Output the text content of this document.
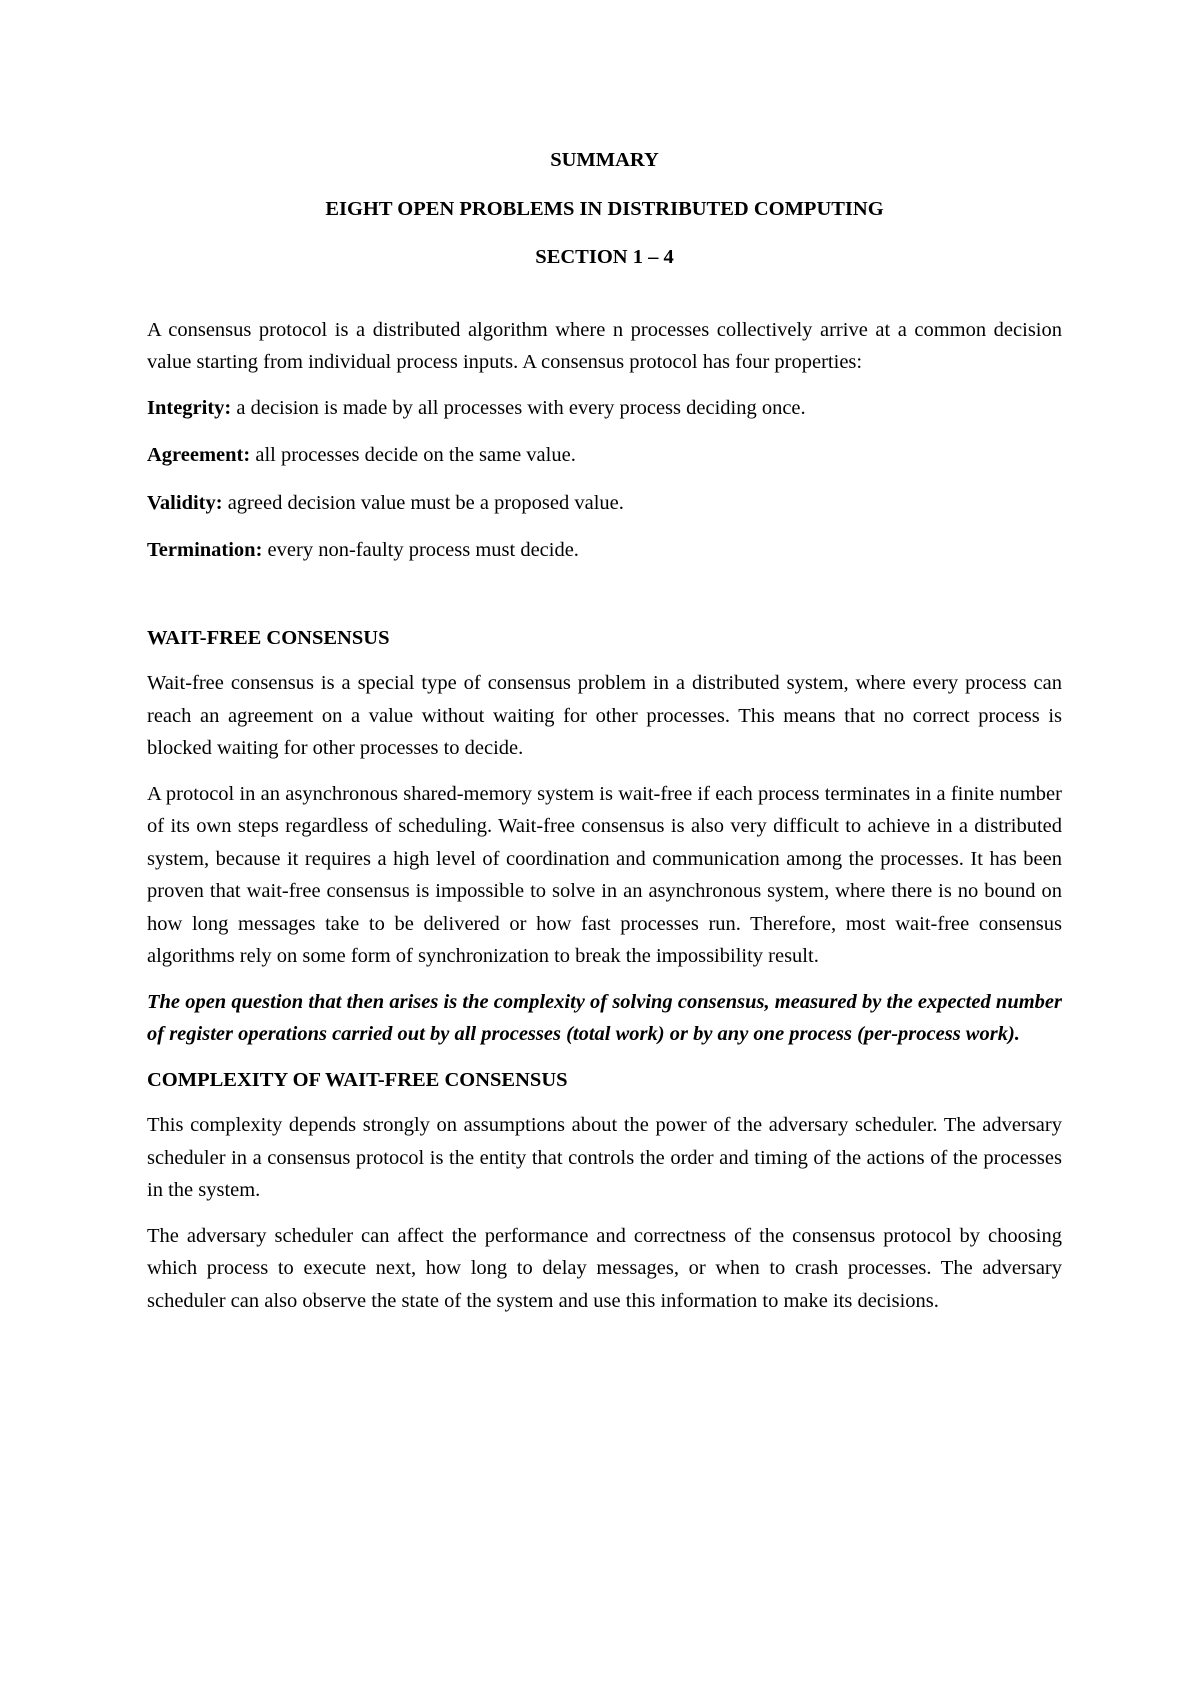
SUMMARY

EIGHT OPEN PROBLEMS IN DISTRIBUTED COMPUTING

SECTION 1 – 4

A consensus protocol is a distributed algorithm where n processes collectively arrive at a common decision value starting from individual process inputs. A consensus protocol has four properties:

Integrity: a decision is made by all processes with every process deciding once.

Agreement: all processes decide on the same value.

Validity: agreed decision value must be a proposed value.

Termination: every non-faulty process must decide.

WAIT-FREE CONSENSUS

Wait-free consensus is a special type of consensus problem in a distributed system, where every process can reach an agreement on a value without waiting for other processes. This means that no correct process is blocked waiting for other processes to decide.

A protocol in an asynchronous shared-memory system is wait-free if each process terminates in a finite number of its own steps regardless of scheduling. Wait-free consensus is also very difficult to achieve in a distributed system, because it requires a high level of coordination and communication among the processes. It has been proven that wait-free consensus is impossible to solve in an asynchronous system, where there is no bound on how long messages take to be delivered or how fast processes run. Therefore, most wait-free consensus algorithms rely on some form of synchronization to break the impossibility result.

The open question that then arises is the complexity of solving consensus, measured by the expected number of register operations carried out by all processes (total work) or by any one process (per-process work).

COMPLEXITY OF WAIT-FREE CONSENSUS

This complexity depends strongly on assumptions about the power of the adversary scheduler. The adversary scheduler in a consensus protocol is the entity that controls the order and timing of the actions of the processes in the system.

The adversary scheduler can affect the performance and correctness of the consensus protocol by choosing which process to execute next, how long to delay messages, or when to crash processes. The adversary scheduler can also observe the state of the system and use this information to make its decisions.
